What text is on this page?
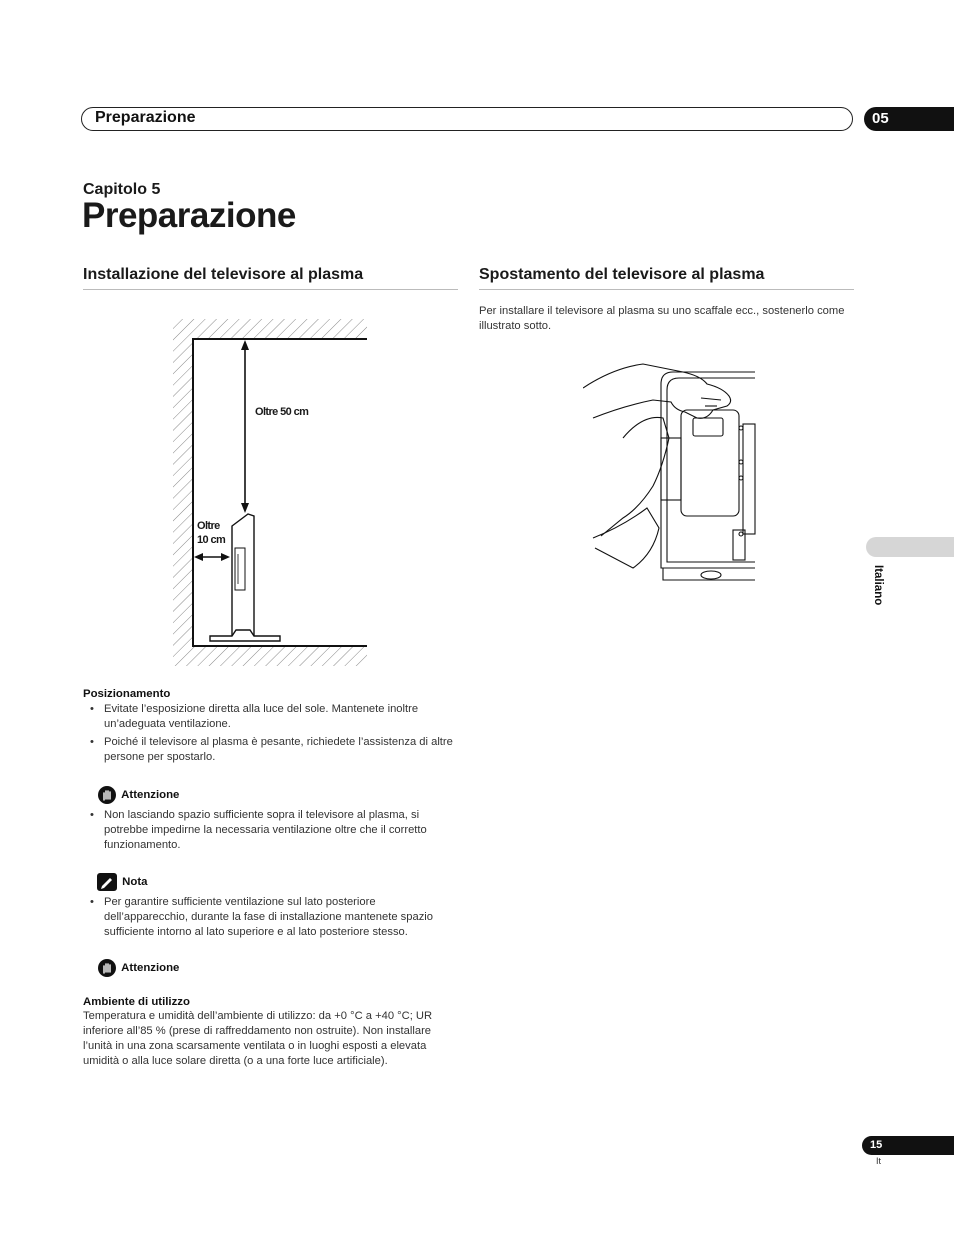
Preparazione	05
Capitolo 5
Preparazione
Installazione del televisore al plasma	Spostamento del televisore al plasma
Oltre 50 cm
Oltre
10 cm
Per installare il televisore al plasma su uno scaffale ecc., sostenerlo come illustrato sotto.
Posizionamento
• Evitate l’esposizione diretta alla luce del sole. Mantenete inoltre un’adeguata ventilazione.
• Poiché il televisore al plasma è pesante, richiedete l’assistenza di altre persone per spostarlo.
Attenzione
• Non lasciando spazio sufficiente sopra il televisore al plasma, si potrebbe impedirne la necessaria ventilazione oltre che il corretto funzionamento.
Nota
• Per garantire sufficiente ventilazione sul lato posteriore dell’apparecchio, durante la fase di installazione mantenete spazio sufficiente intorno al lato superiore e al lato posteriore stesso.
Attenzione
Ambiente di utilizzo
Temperatura e umidità dell’ambiente di utilizzo: da +0 °C a +40 °C; UR inferiore all’85 % (prese di raffreddamento non ostruite). Non installare l’unità in una zona scarsamente ventilata o in luoghi esposti a elevata umidità o alla luce solare diretta (o a una forte luce artificiale).
Italiano
15
It
